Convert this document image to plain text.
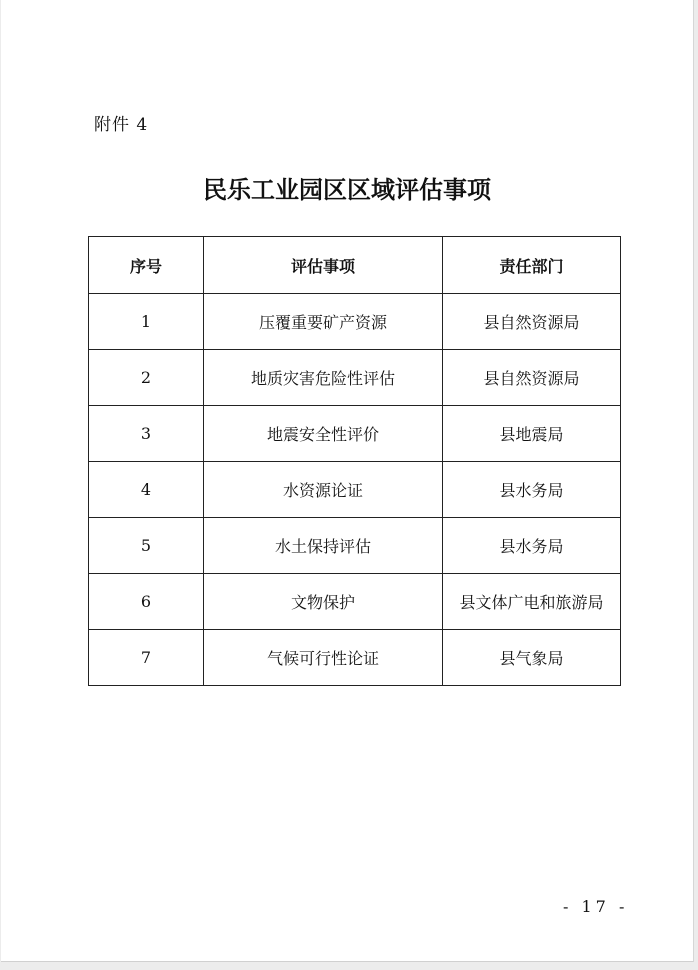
附件 4
民乐工业园区区域评估事项
序号	评估事项	责任部门
1	压覆重要矿产资源	县自然资源局
2	地质灾害危险性评估	县自然资源局
3	地震安全性评价	县地震局
4	水资源论证	县水务局
5	水土保持评估	县水务局
6	文物保护	县文体广电和旅游局
7	气候可行性论证	县气象局
- 17 -
